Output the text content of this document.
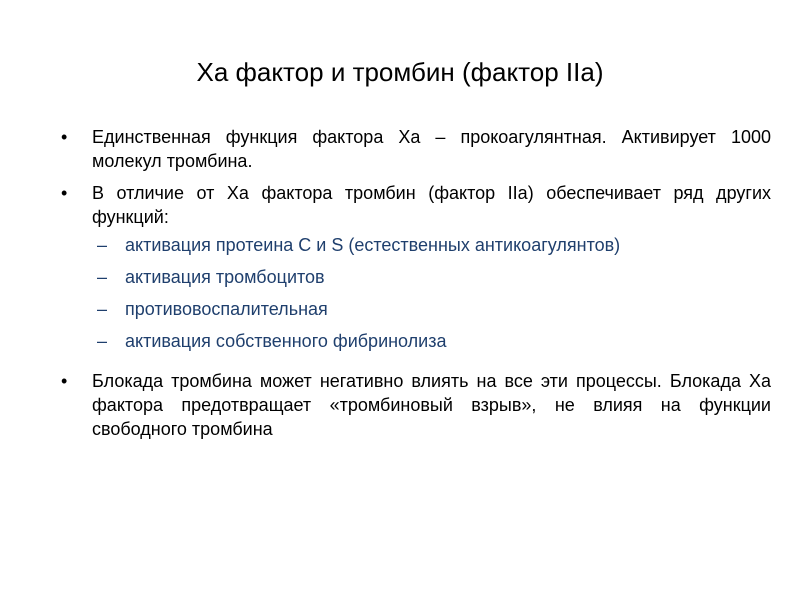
Xa фактор и тромбин (фактор IIa)
• Единственная функция фактора Xa – прокоагулянтная. Активирует 1000 молекул тромбина.
• В отличие от Xa фактора тромбин (фактор IIa) обеспечивает ряд других функций:
– активация протеина С и S (естественных антикоагулянтов)
– активация тромбоцитов
– противовоспалительная
– активация собственного фибринолиза
• Блокада тромбина может негативно влиять на все эти процессы. Блокада Xa фактора предотвращает «тромбиновый взрыв», не влияя на функции свободного тромбина
